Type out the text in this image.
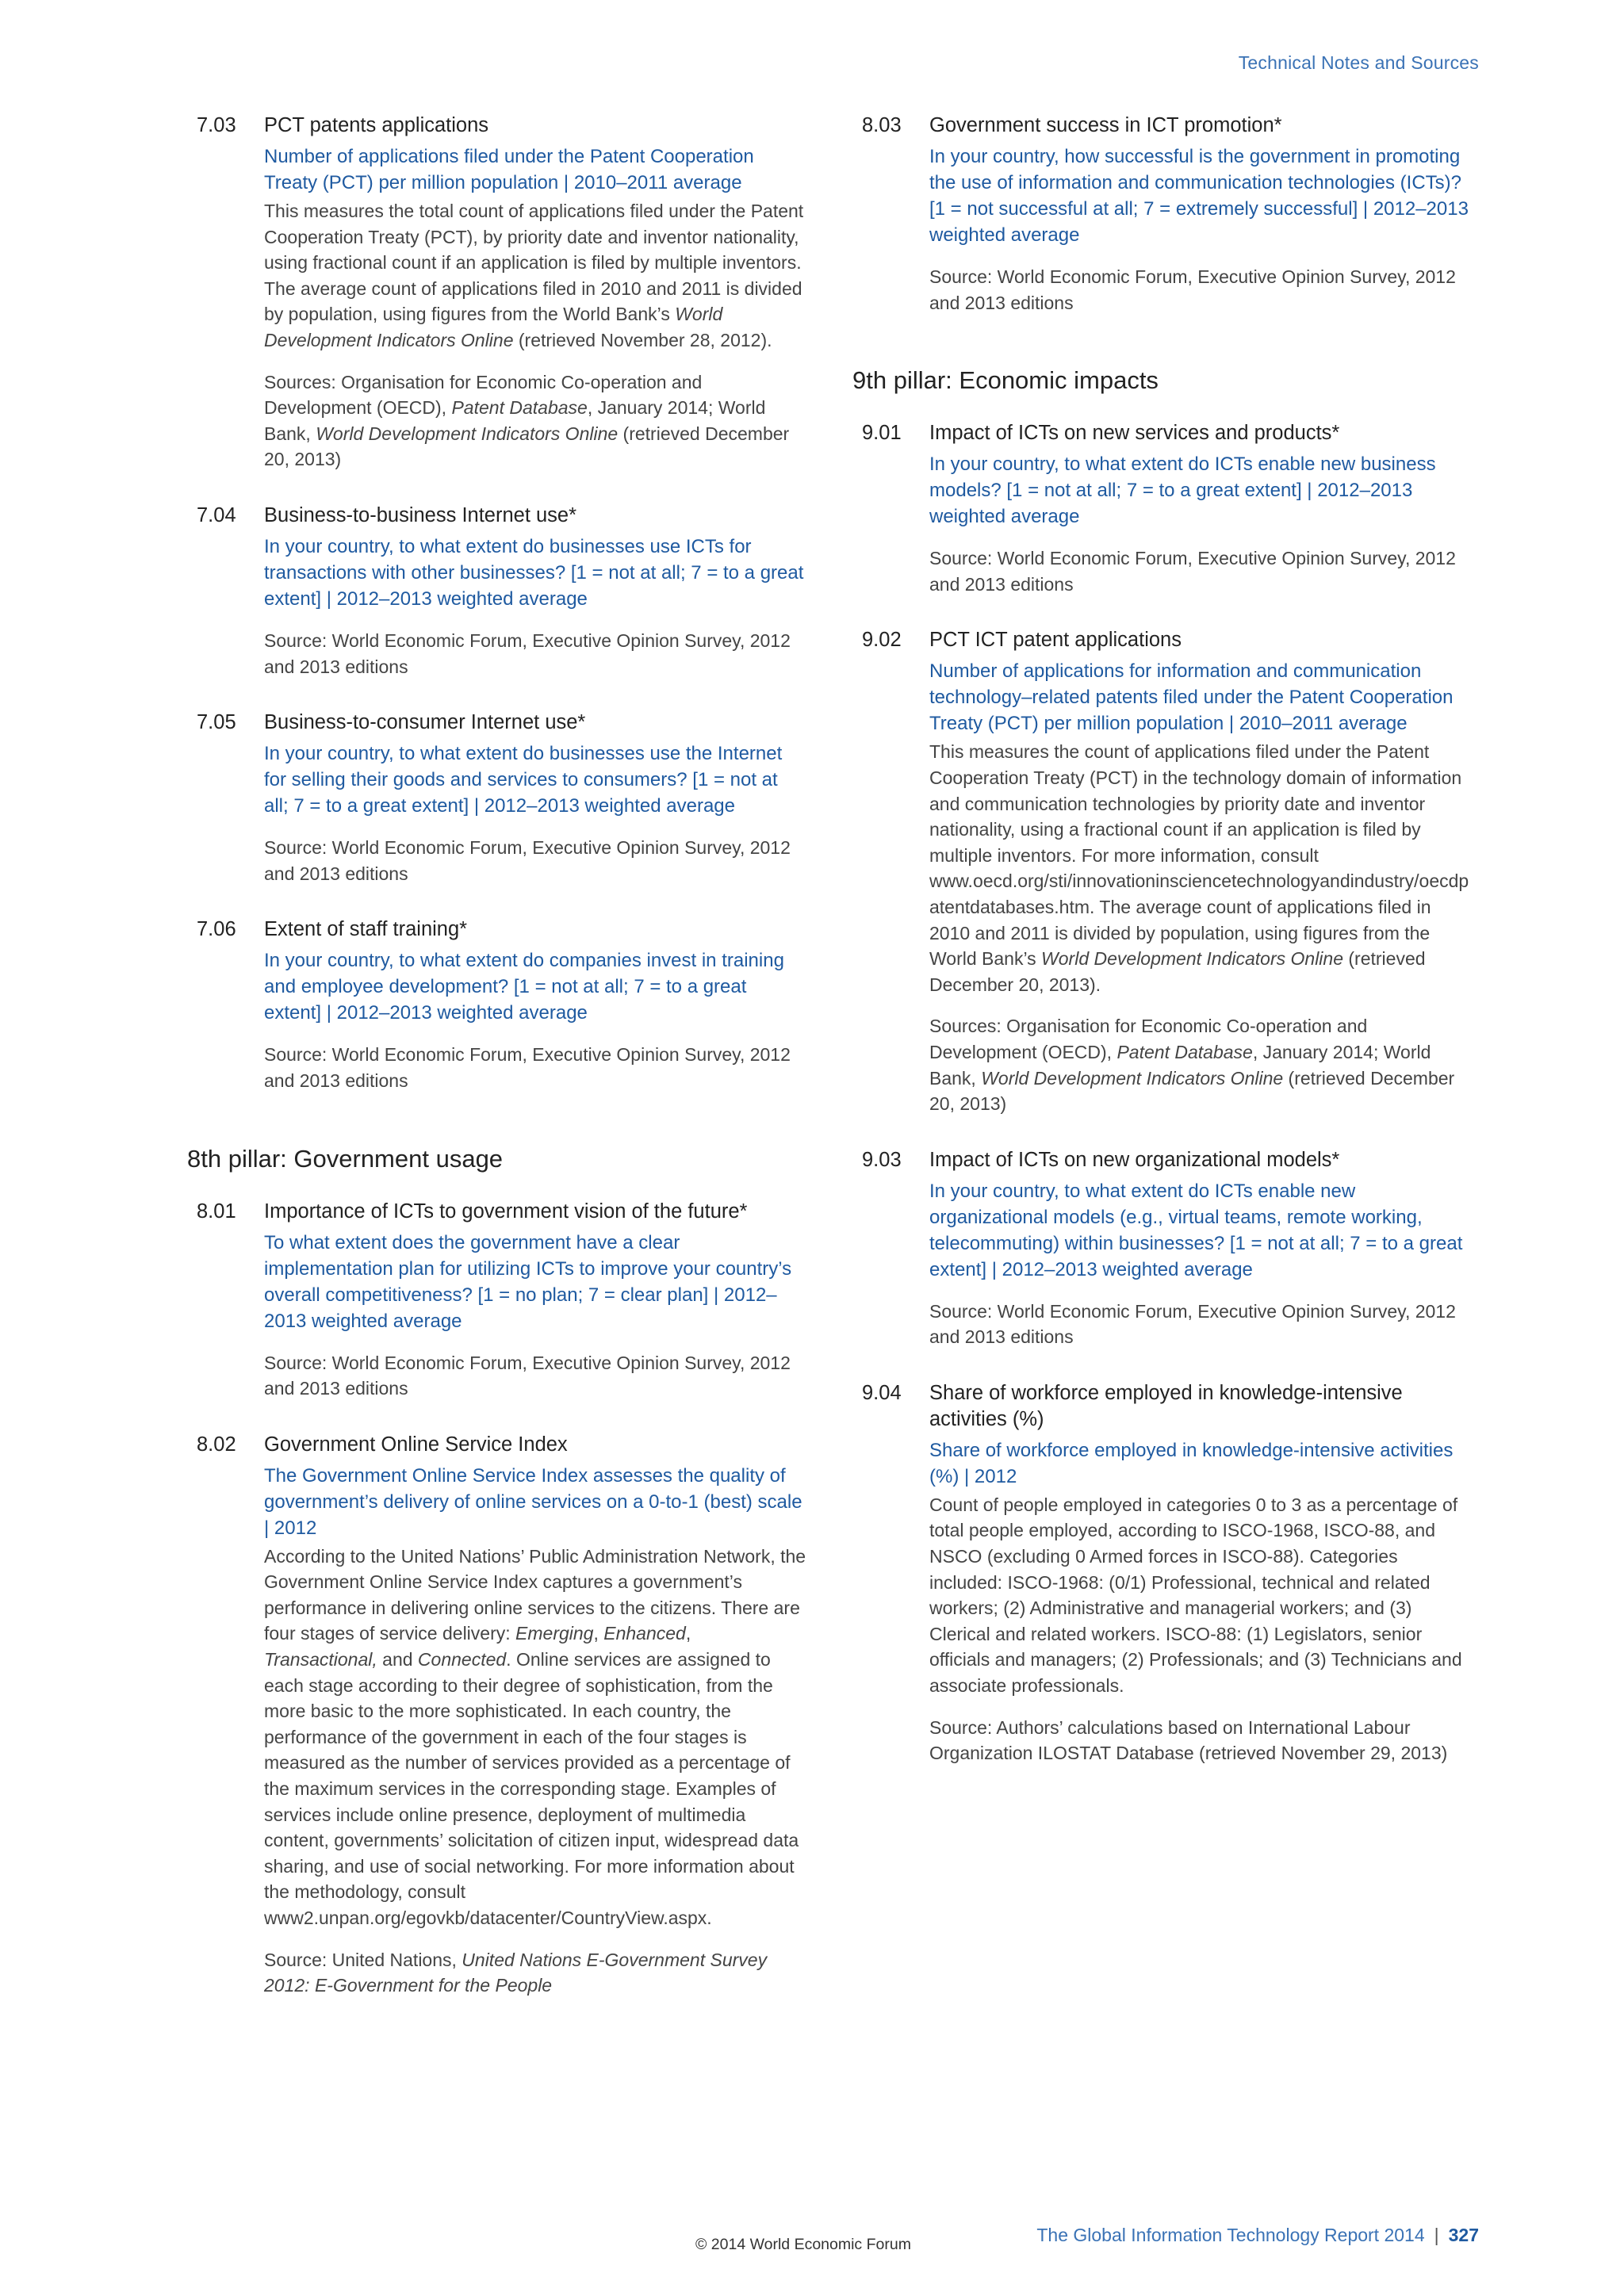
Technical Notes and Sources
7.03 PCT patents applications
Number of applications filed under the Patent Cooperation Treaty (PCT) per million population | 2010–2011 average
This measures the total count of applications filed under the Patent Cooperation Treaty (PCT), by priority date and inventor nationality, using fractional count if an application is filed by multiple inventors. The average count of applications filed in 2010 and 2011 is divided by population, using figures from the World Bank’s World Development Indicators Online (retrieved November 28, 2012).
Sources: Organisation for Economic Co-operation and Development (OECD), Patent Database, January 2014; World Bank, World Development Indicators Online (retrieved December 20, 2013)
7.04 Business-to-business Internet use*
In your country, to what extent do businesses use ICTs for transactions with other businesses? [1 = not at all; 7 = to a great extent] | 2012–2013 weighted average
Source: World Economic Forum, Executive Opinion Survey, 2012 and 2013 editions
7.05 Business-to-consumer Internet use*
In your country, to what extent do businesses use the Internet for selling their goods and services to consumers? [1 = not at all; 7 = to a great extent] | 2012–2013 weighted average
Source: World Economic Forum, Executive Opinion Survey, 2012 and 2013 editions
7.06 Extent of staff training*
In your country, to what extent do companies invest in training and employee development? [1 = not at all; 7 = to a great extent] | 2012–2013 weighted average
Source: World Economic Forum, Executive Opinion Survey, 2012 and 2013 editions
8th pillar: Government usage
8.01 Importance of ICTs to government vision of the future*
To what extent does the government have a clear implementation plan for utilizing ICTs to improve your country’s overall competitiveness? [1 = no plan; 7 = clear plan] | 2012–2013 weighted average
Source: World Economic Forum, Executive Opinion Survey, 2012 and 2013 editions
8.02 Government Online Service Index
The Government Online Service Index assesses the quality of government’s delivery of online services on a 0-to-1 (best) scale | 2012
According to the United Nations’ Public Administration Network, the Government Online Service Index captures a government’s performance in delivering online services to the citizens. There are four stages of service delivery: Emerging, Enhanced, Transactional, and Connected. Online services are assigned to each stage according to their degree of sophistication, from the more basic to the more sophisticated. In each country, the performance of the government in each of the four stages is measured as the number of services provided as a percentage of the maximum services in the corresponding stage. Examples of services include online presence, deployment of multimedia content, governments’ solicitation of citizen input, widespread data sharing, and use of social networking. For more information about the methodology, consult www2.unpan.org/egovkb/datacenter/CountryView.aspx.
Source: United Nations, United Nations E-Government Survey 2012: E-Government for the People
8.03 Government success in ICT promotion*
In your country, how successful is the government in promoting the use of information and communication technologies (ICTs)? [1 = not successful at all; 7 = extremely successful] | 2012–2013 weighted average
Source: World Economic Forum, Executive Opinion Survey, 2012 and 2013 editions
9th pillar: Economic impacts
9.01 Impact of ICTs on new services and products*
In your country, to what extent do ICTs enable new business models? [1 = not at all; 7 = to a great extent] | 2012–2013 weighted average
Source: World Economic Forum, Executive Opinion Survey, 2012 and 2013 editions
9.02 PCT ICT patent applications
Number of applications for information and communication technology–related patents filed under the Patent Cooperation Treaty (PCT) per million population | 2010–2011 average
This measures the count of applications filed under the Patent Cooperation Treaty (PCT) in the technology domain of information and communication technologies by priority date and inventor nationality, using a fractional count if an application is filed by multiple inventors. For more information, consult www.oecd.org/sti/innovationinsciencetechnologyandindustry/oecdpatentdatabases.htm. The average count of applications filed in 2010 and 2011 is divided by population, using figures from the World Bank’s World Development Indicators Online (retrieved December 20, 2013).
Sources: Organisation for Economic Co-operation and Development (OECD), Patent Database, January 2014; World Bank, World Development Indicators Online (retrieved December 20, 2013)
9.03 Impact of ICTs on new organizational models*
In your country, to what extent do ICTs enable new organizational models (e.g., virtual teams, remote working, telecommuting) within businesses? [1 = not at all; 7 = to a great extent] | 2012–2013 weighted average
Source: World Economic Forum, Executive Opinion Survey, 2012 and 2013 editions
9.04 Share of workforce employed in knowledge-intensive activities (%)
Share of workforce employed in knowledge-intensive activities (%) | 2012
Count of people employed in categories 0 to 3 as a percentage of total people employed, according to ISCO-1968, ISCO-88, and NSCO (excluding 0 Armed forces in ISCO-88). Categories included: ISCO-1968: (0/1) Professional, technical and related workers; (2) Administrative and managerial workers; and (3) Clerical and related workers. ISCO-88: (1) Legislators, senior officials and managers; (2) Professionals; and (3) Technicians and associate professionals.
Source: Authors’ calculations based on International Labour Organization ILOSTAT Database (retrieved November 29, 2013)
© 2014 World Economic Forum	The Global Information Technology Report 2014 | 327
